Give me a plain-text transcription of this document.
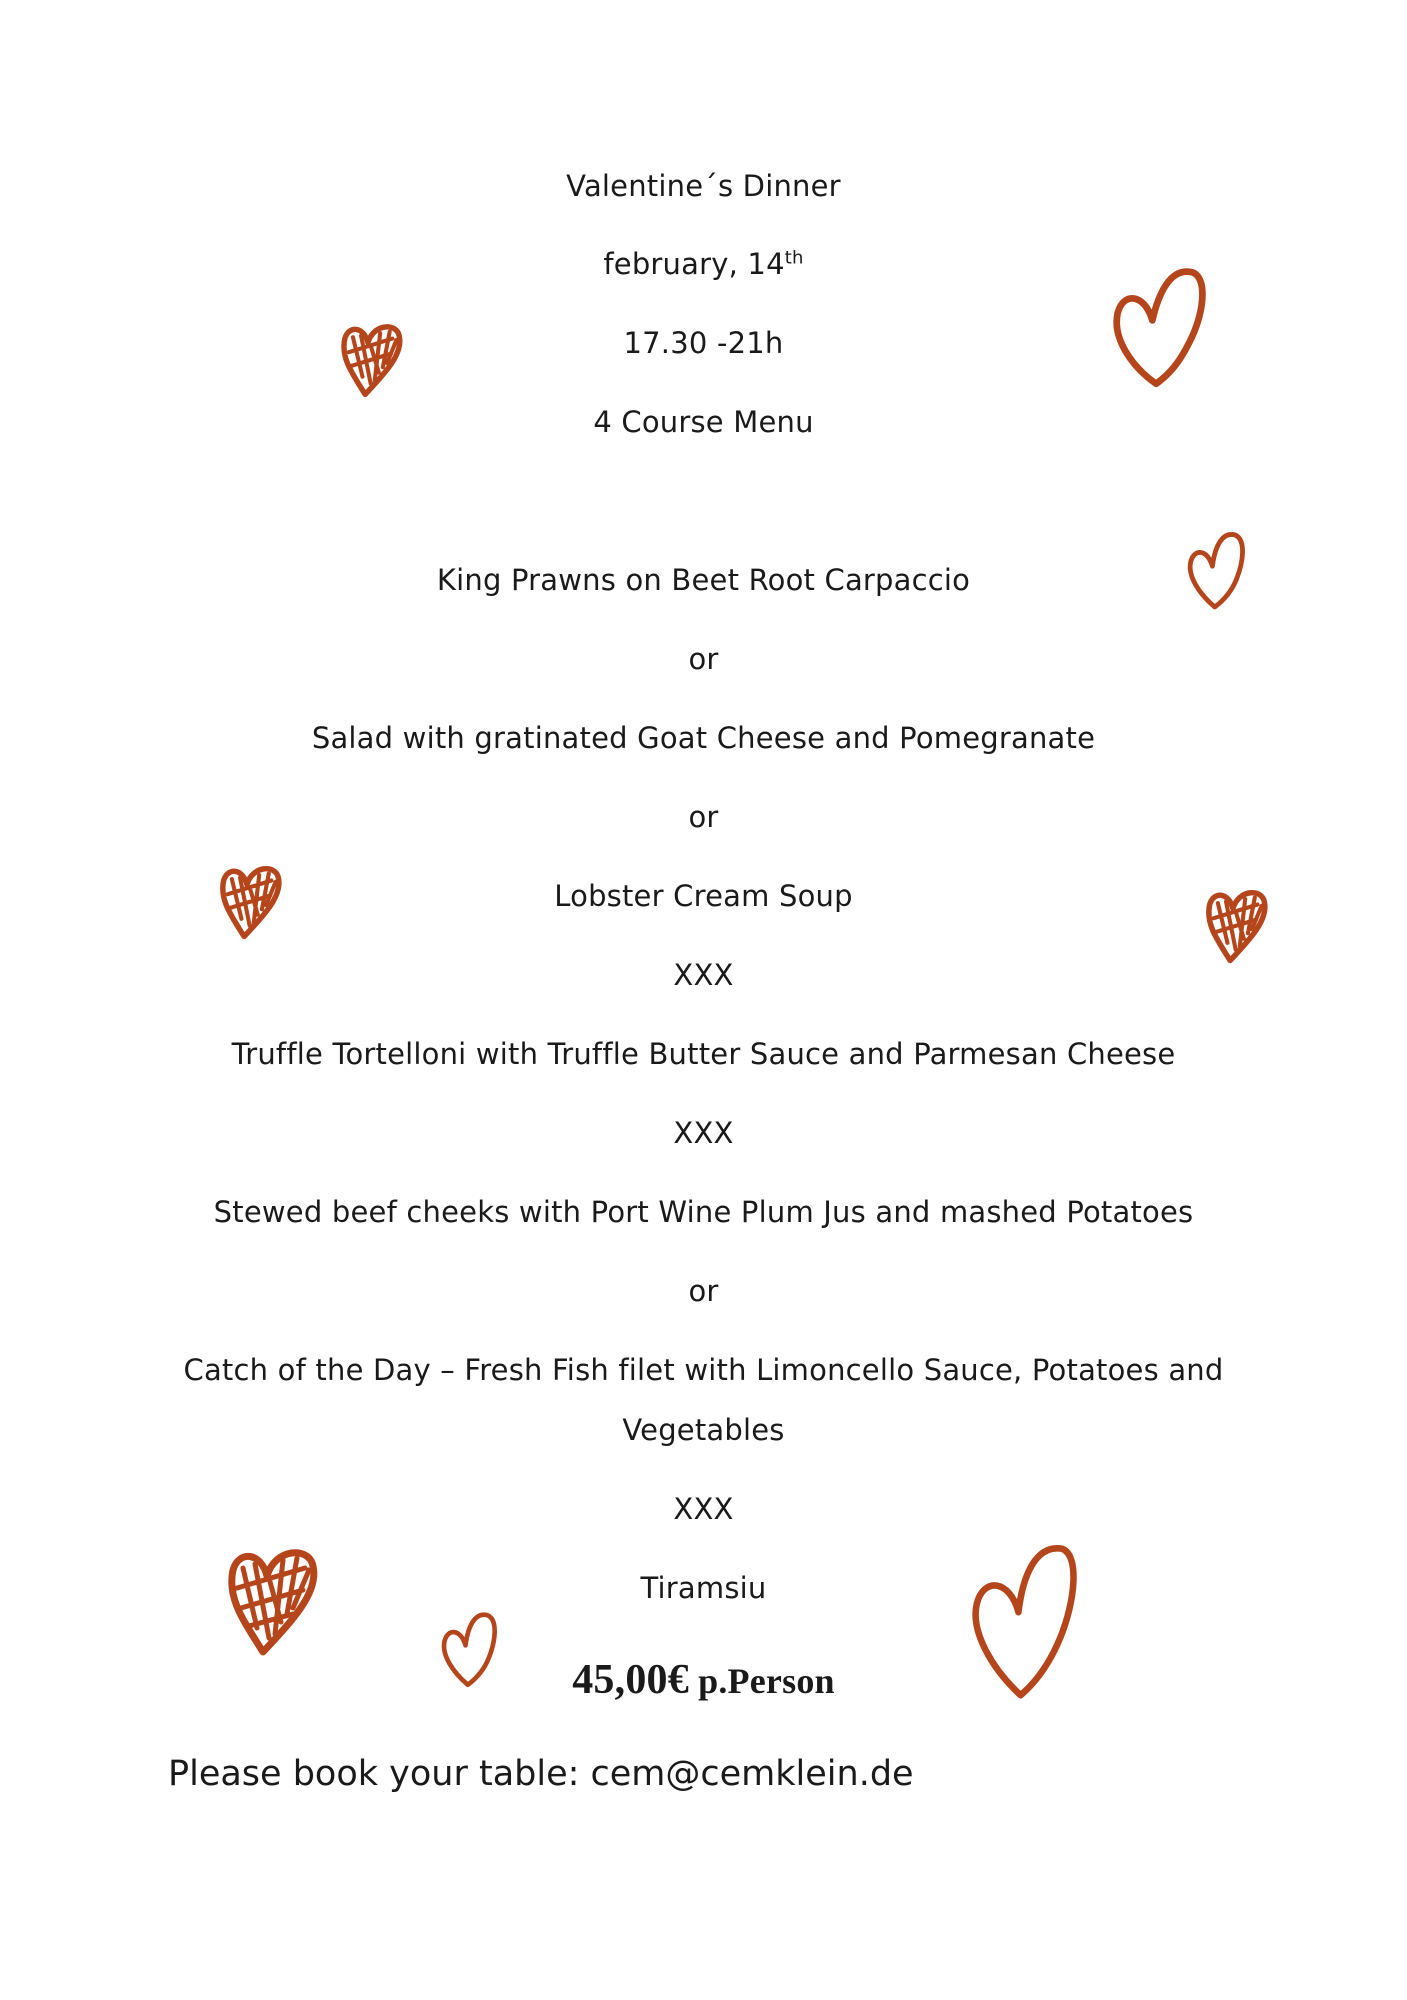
Valentine´s Dinner
february, 14th
17.30 -21h
4 Course Menu
King Prawns on Beet Root Carpaccio
or
Salad with gratinated Goat Cheese and Pomegranate
or
Lobster Cream Soup
XXX
Truffle Tortelloni with Truffle Butter Sauce and Parmesan Cheese
XXX
Stewed beef cheeks with Port Wine Plum Jus and mashed Potatoes
or
Catch of the Day – Fresh Fish filet with Limoncello Sauce, Potatoes and
Vegetables
XXX
Tiramsiu
45,00€ p.Person
Please book your table: cem@cemklein.de
